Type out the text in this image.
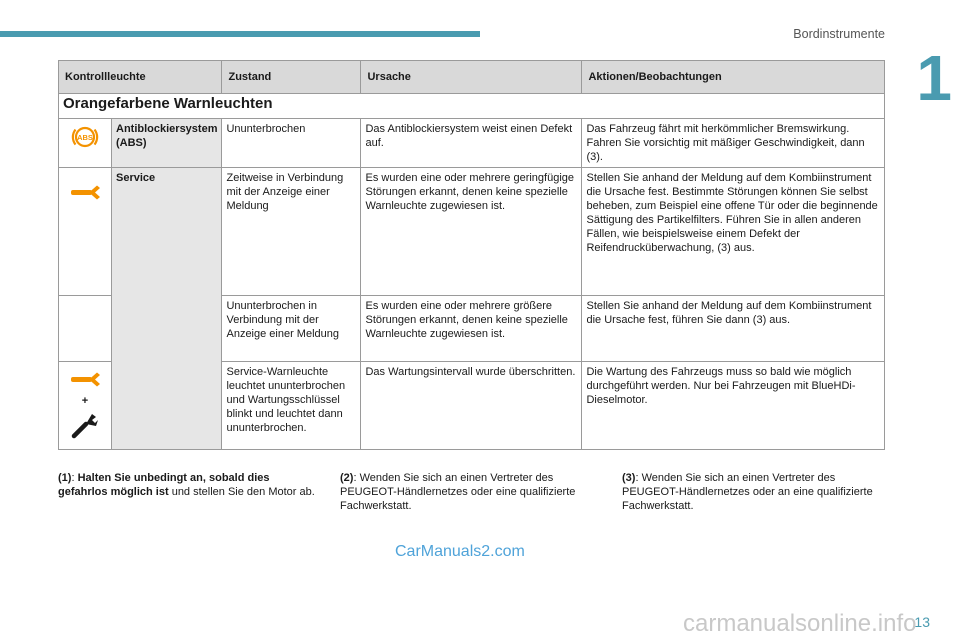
Bordinstrumente
1
Kontrollleuchte		Zustand	Ursache	Aktionen/Beobachtungen
Orangefarbene Warnleuchten				

ABS	Antiblockiersystem (ABS)	Ununterbrochen	Das Antiblockiersystem weist einen Defekt auf.	Das Fahrzeug fährt mit herkömmlicher Bremswirkung. Fahren Sie vorsichtig mit mäßiger Geschwindigkeit, dann (3).
	Service	Zeitweise in Verbindung mit der Anzeige einer Meldung	Es wurden eine oder mehrere geringfügige Störungen erkannt, denen keine spezielle Warnleuchte zugewiesen ist.	Stellen Sie anhand der Meldung auf dem Kombiinstrument die Ursache fest. Bestimmte Störungen können Sie selbst beheben, zum Beispiel eine offene Tür oder die beginnende Sättigung des Partikelfilters. Führen Sie in allen anderen Fällen, wie beispielsweise einem Defekt der Reifendrucküberwachung, (3) aus.
		Ununterbrochen in Verbindung mit der Anzeige einer Meldung	Es wurden eine oder mehrere größere Störungen erkannt, denen keine spezielle Warnleuchte zugewiesen ist.	Stellen Sie anhand der Meldung auf dem Kombiinstrument die Ursache fest, führen Sie dann (3) aus.

+		Service-Warnleuchte leuchtet ununterbrochen und Wartungsschlüssel blinkt und leuchtet dann ununterbrochen.	Das Wartungsintervall wurde überschritten.	Die Wartung des Fahrzeugs muss so bald wie möglich durchgeführt werden. Nur bei Fahrzeugen mit BlueHDi-Dieselmotor.
(1): Halten Sie unbedingt an, sobald dies gefahrlos möglich ist und stellen Sie den Motor ab.
(2): Wenden Sie sich an einen Vertreter des PEUGEOT-Händlernetzes oder eine qualifizierte Fachwerkstatt.
(3): Wenden Sie sich an einen Vertreter des PEUGEOT-Händlernetzes oder an eine qualifizierte Fachwerkstatt.
CarManuals2.com
carmanualsonline.info
13
